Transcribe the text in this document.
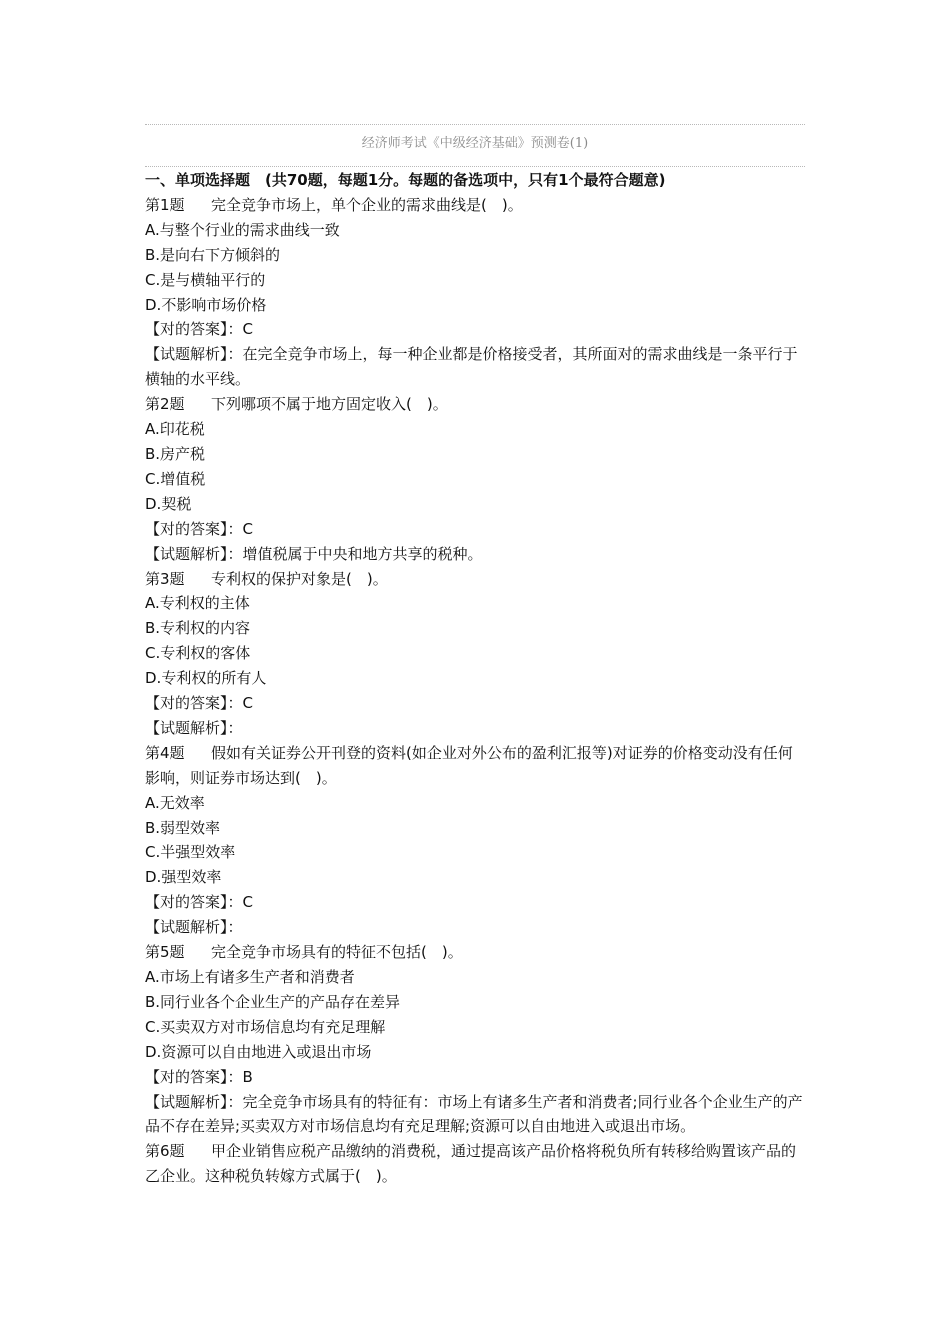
经济师考试《中级经济基础》预测卷(1)

一、单项选择题　(共70题，每题1分。每题的备选项中，只有1个最符合题意)

第1题 完全竞争市场上，单个企业的需求曲线是(　)。

A.与整个行业的需求曲线一致

B.是向右下方倾斜的

C.是与横轴平行的

D.不影响市场价格

【对的答案】：C

【试题解析】：在完全竞争市场上，每一种企业都是价格接受者，其所面对的需求曲线是一条平行于横轴的水平线。

第2题 下列哪项不属于地方固定收入(　)。

A.印花税

B.房产税

C.增值税

D.契税

【对的答案】：C

【试题解析】：增值税属于中央和地方共享的税种。

第3题 专利权的保护对象是(　)。

A.专利权的主体

B.专利权的内容

C.专利权的客体

D.专利权的所有人

【对的答案】：C

【试题解析】：

第4题 假如有关证券公开刊登的资料(如企业对外公布的盈利汇报等)对证券的价格变动没有任何影响，则证券市场达到(　)。

A.无效率

B.弱型效率

C.半强型效率

D.强型效率

【对的答案】：C

【试题解析】：

第5题 完全竞争市场具有的特征不包括(　)。

A.市场上有诸多生产者和消费者

B.同行业各个企业生产的产品存在差异

C.买卖双方对市场信息均有充足理解

D.资源可以自由地进入或退出市场

【对的答案】：B

【试题解析】：完全竞争市场具有的特征有：市场上有诸多生产者和消费者;同行业各个企业生产的产品不存在差异;买卖双方对市场信息均有充足理解;资源可以自由地进入或退出市场。

第6题 甲企业销售应税产品缴纳的消费税，通过提高该产品价格将税负所有转移给购置该产品的乙企业。这种税负转嫁方式属于(　)。
